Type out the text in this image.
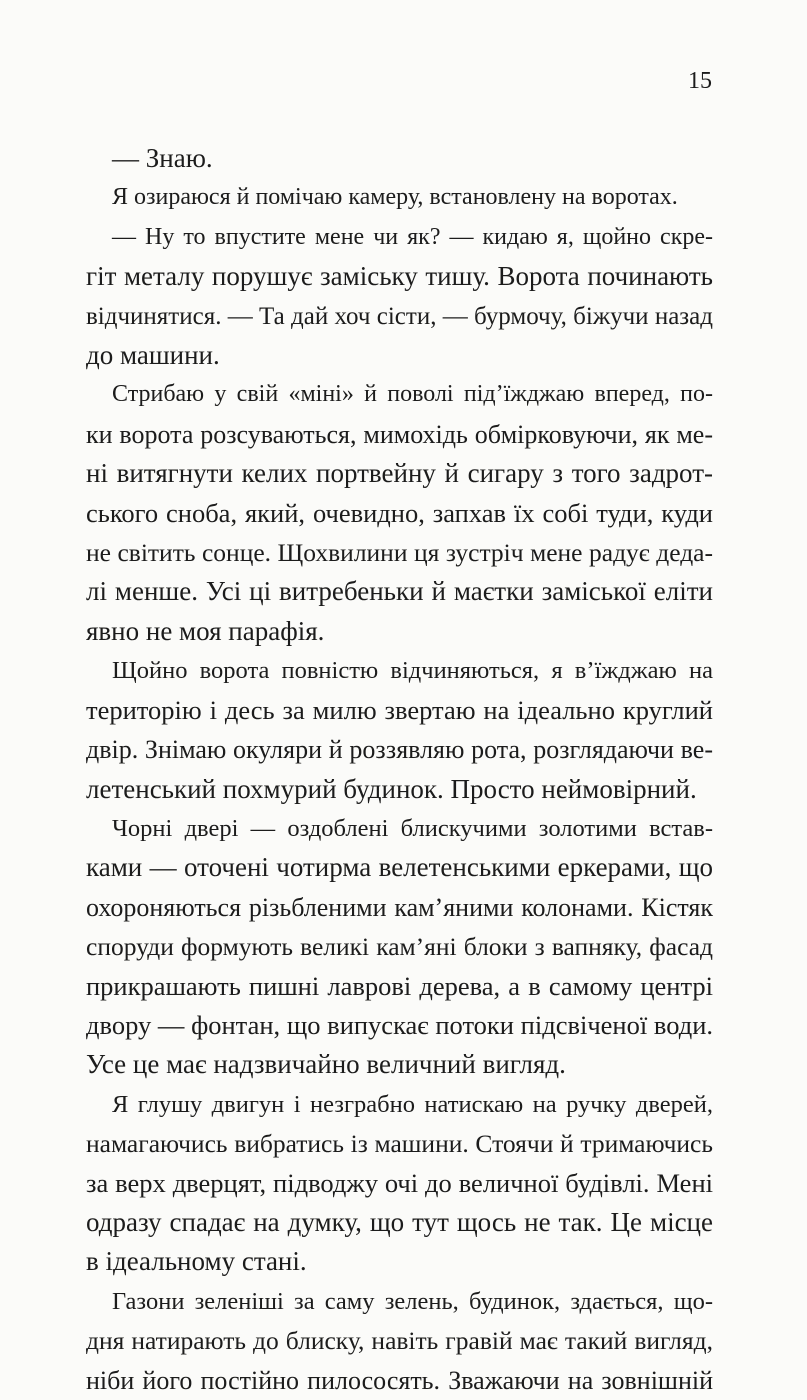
15
— Знаю.
Я озираюся й помічаю камеру, встановлену на воротах.
— Ну то впустите мене чи як? — кидаю я, щойно скре-
гіт металу порушує заміську тишу. Ворота починають
відчинятися. — Та дай хоч сісти, — бурмочу, біжучи назад
до машини.
Стрибаю у свій «міні» й поволі під’їжджаю вперед, по-
ки ворота розсуваються, мимохідь обмірковуючи, як ме-
ні витягнути келих портвейну й сигару з того задрот-
ського сноба, який, очевидно, запхав їх собі туди, куди
не світить сонце. Щохвилини ця зустріч мене радує деда-
лі менше. Усі ці витребеньки й маєтки заміської еліти
явно не моя парафія.
Щойно ворота повністю відчиняються, я в’їжджаю на
територію і десь за милю звертаю на ідеально круглий
двір. Знімаю окуляри й роззявляю рота, розглядаючи ве-
летенський похмурий будинок. Просто неймовірний.
Чорні двері — оздоблені блискучими золотими встав-
ками — оточені чотирма велетенськими еркерами, що
охороняються різьбленими кам’яними колонами. Кістяк
споруди формують великі кам’яні блоки з вапняку, фасад
прикрашають пишні лаврові дерева, а в самому центрі
двору — фонтан, що випускає потоки підсвіченої води.
Усе це має надзвичайно величний вигляд.
Я глушу двигун і незграбно натискаю на ручку дверей,
намагаючись вибратись із машини. Стоячи й тримаючись
за верх дверцят, підводжу очі до величної будівлі. Мені
одразу спадає на думку, що тут щось не так. Це місце
в ідеальному стані.
Газони зеленіші за саму зелень, будинок, здається, що-
дня натирають до блиску, навіть гравій має такий вигляд,
ніби його постійно пилососять. Зважаючи на зовнішній
